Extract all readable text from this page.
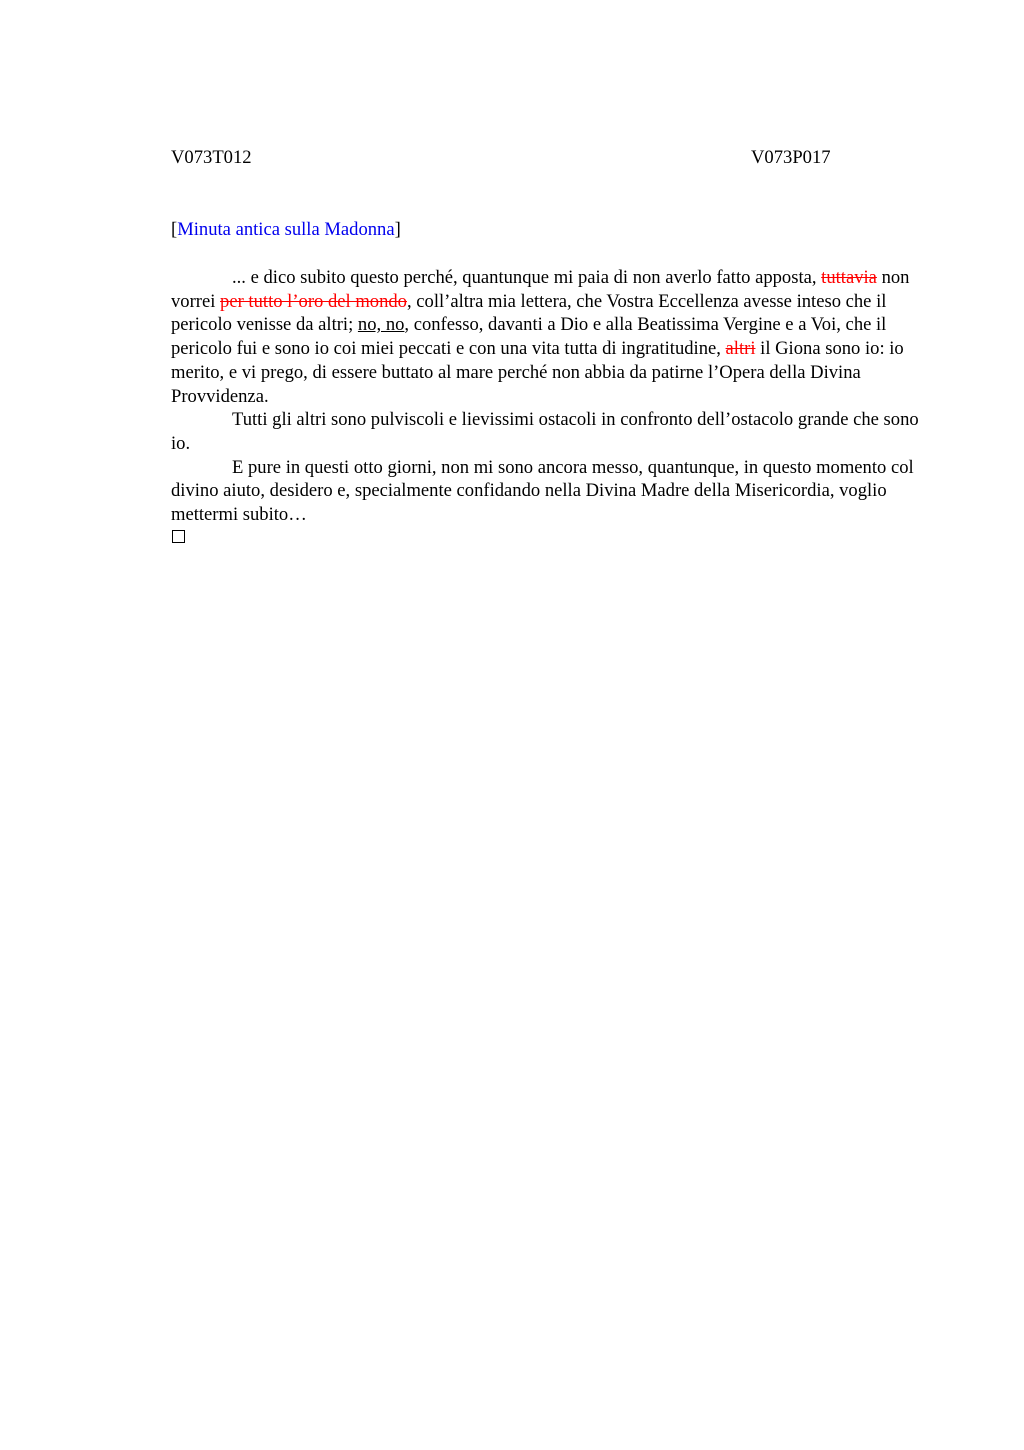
V073T012	V073P017
[Minuta antica sulla Madonna]

... e dico subito questo perché, quantunque mi paia di non averlo fatto apposta, tuttavia non vorrei per tutto l’oro del mondo, coll’altra mia lettera, che Vostra Eccellenza avesse inteso che il pericolo venisse da altri; no, no, confesso, davanti a Dio e alla Beatissima Vergine e a Voi, che il pericolo fui e sono io coi miei peccati e con una vita tutta di ingratitudine, altri il Giona sono io: io merito, e vi prego, di essere buttato al mare perché non abbia da patirne l’Opera della Divina Provvidenza.

Tutti gli altri sono pulviscoli e lievissimi ostacoli in confronto dell’ostacolo grande che sono io.

E pure in questi otto giorni, non mi sono ancora messo, quantunque, in questo momento col divino aiuto, desidero e, specialmente confidando nella Divina Madre della Misericordia, voglio mettermi subito…
